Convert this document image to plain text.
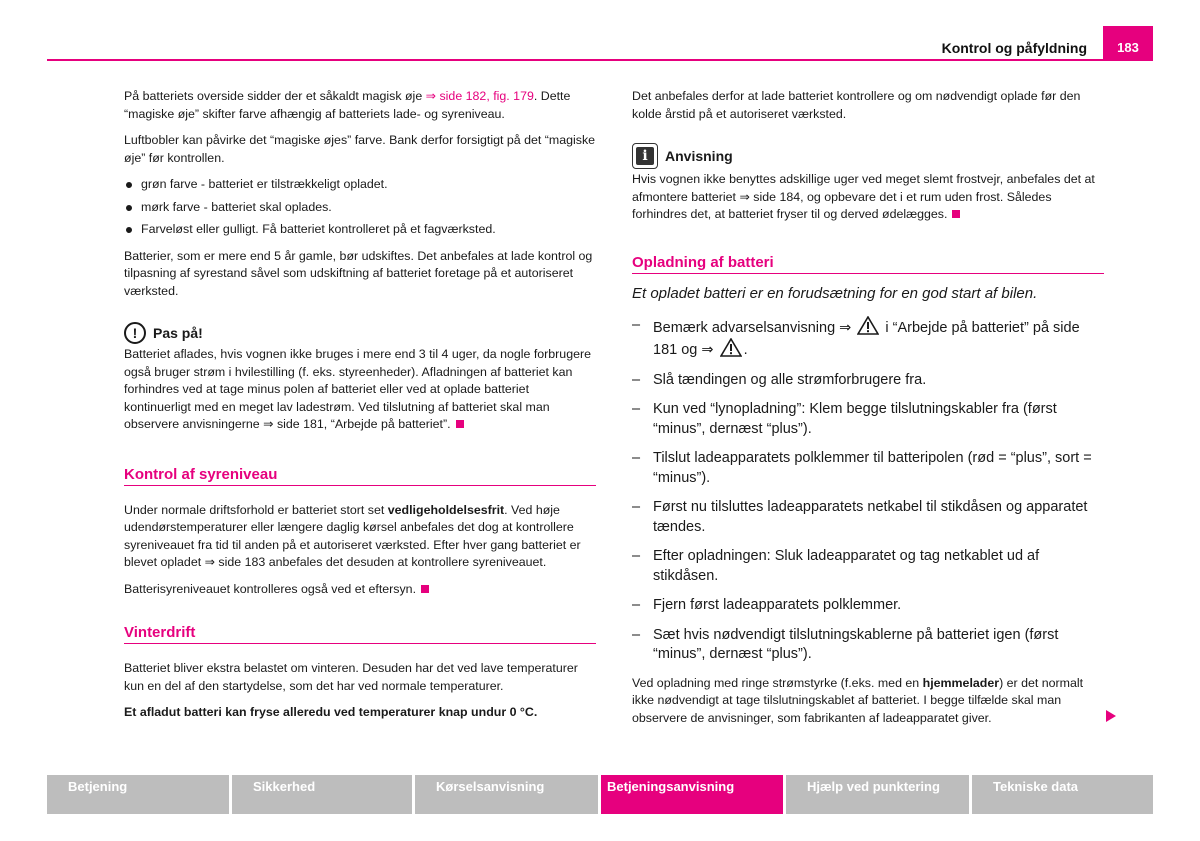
Kontrol og påfyldning	183

På batteriets overside sidder der et såkaldt magisk øje ⇒ side 182, fig. 179. Dette “magiske øje” skifter farve afhængig af batteriets lade- og syreniveau.

Luftbobler kan påvirke det “magiske øjes” farve. Bank derfor forsigtigt på det “magiske øje” før kontrollen.

grøn farve - batteriet er tilstrækkeligt opladet.
mørk farve - batteriet skal oplades.
Farveløst eller gulligt. Få batteriet kontrolleret på et fagværksted.

Batterier, som er mere end 5 år gamle, bør udskiftes. Det anbefales at lade kontrol og tilpasning af syrestand såvel som udskiftning af batteriet foretage på et autoriseret værksted.

!	Pas på!

Batteriet aflades, hvis vognen ikke bruges i mere end 3 til 4 uger, da nogle forbrugere også bruger strøm i hvilestilling (f. eks. styreenheder). Afladningen af batteriet kan forhindres ved at tage minus polen af batteriet eller ved at oplade batteriet kontinuerligt med en meget lav ladestrøm. Ved tilslutning af batteriet skal man observere anvisningerne ⇒ side 181, “Arbejde på batteriet”.

Kontrol af syreniveau

Under normale driftsforhold er batteriet stort set vedligeholdelsesfrit. Ved høje udendørstemperaturer eller længere daglig kørsel anbefales det dog at kontrollere syreniveauet fra tid til anden på et autoriseret værksted. Efter hver gang batteriet er blevet opladet ⇒ side 183 anbefales det desuden at kontrollere syreniveauet.

Batterisyreniveauet kontrolleres også ved et eftersyn.

Vinterdrift

Batteriet bliver ekstra belastet om vinteren. Desuden har det ved lave temperaturer kun en del af den startydelse, som det har ved normale temperaturer.

Et afladut batteri kan fryse alleredu ved temperaturer knap undur 0 °C.

Det anbefales derfor at lade batteriet kontrollere og om nødvendigt oplade før den kolde årstid på et autoriseret værksted.

i	Anvisning

Hvis vognen ikke benyttes adskillige uger ved meget slemt frostvejr, anbefales det at afmontere batteriet ⇒ side 184, og opbevare det i et rum uden frost. Således forhindres det, at batteriet fryser til og derved ødelægges.

Opladning af batteri

Et opladet batteri er en forudsætning for en god start af bilen.

– Bemærk advarselsanvisning ⇒ i “Arbejde på batteriet” på side 181 og ⇒ .
– Slå tændingen og alle strømforbrugere fra.
– Kun ved “lynopladning”: Klem begge tilslutningskabler fra (først “minus”, dernæst “plus”).
– Tilslut ladeapparatets polklemmer til batteripolen (rød = “plus”, sort = “minus”).
– Først nu tilsluttes ladeapparatets netkabel til stikdåsen og apparatet tændes.
– Efter opladningen: Sluk ladeapparatet og tag netkablet ud af stikdåsen.
– Fjern først ladeapparatets polklemmer.
– Sæt hvis nødvendigt tilslutningskablerne på batteriet igen (først “minus”, dernæst “plus”).

Ved opladning med ringe strømstyrke (f.eks. med en hjemmelader) er det normalt ikke nødvendigt at tage tilslutningskablet af batteriet. I begge tilfælde skal man observere de anvisninger, som fabrikanten af ladeapparatet giver.

Betjening	Sikkerhed	Kørselsanvisning	Betjeningsanvisning	Hjælp ved punktering	Tekniske data
